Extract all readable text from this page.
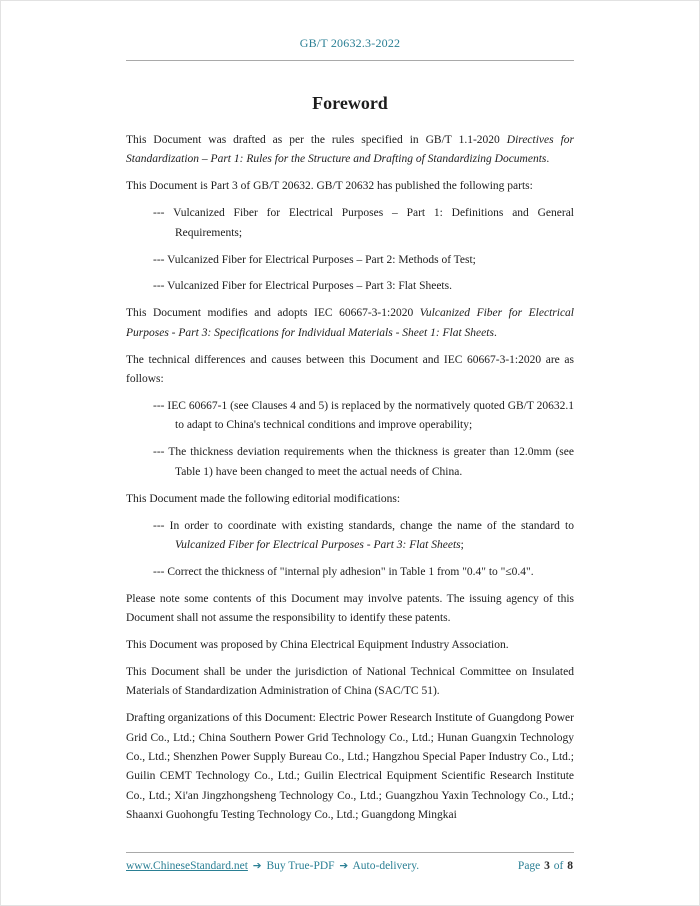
GB/T 20632.3-2022
Foreword

This Document was drafted as per the rules specified in GB/T 1.1-2020 Directives for Standardization – Part 1: Rules for the Structure and Drafting of Standardizing Documents.

This Document is Part 3 of GB/T 20632. GB/T 20632 has published the following parts:

--- Vulcanized Fiber for Electrical Purposes – Part 1: Definitions and General Requirements;

--- Vulcanized Fiber for Electrical Purposes – Part 2: Methods of Test;

--- Vulcanized Fiber for Electrical Purposes – Part 3: Flat Sheets.

This Document modifies and adopts IEC 60667-3-1:2020 Vulcanized Fiber for Electrical Purposes - Part 3: Specifications for Individual Materials - Sheet 1: Flat Sheets.

The technical differences and causes between this Document and IEC 60667-3-1:2020 are as follows:

--- IEC 60667-1 (see Clauses 4 and 5) is replaced by the normatively quoted GB/T 20632.1 to adapt to China's technical conditions and improve operability;

--- The thickness deviation requirements when the thickness is greater than 12.0mm (see Table 1) have been changed to meet the actual needs of China.

This Document made the following editorial modifications:

--- In order to coordinate with existing standards, change the name of the standard to Vulcanized Fiber for Electrical Purposes - Part 3: Flat Sheets;

--- Correct the thickness of "internal ply adhesion" in Table 1 from "0.4" to "≤0.4".

Please note some contents of this Document may involve patents. The issuing agency of this Document shall not assume the responsibility to identify these patents.

This Document was proposed by China Electrical Equipment Industry Association.

This Document shall be under the jurisdiction of National Technical Committee on Insulated Materials of Standardization Administration of China (SAC/TC 51).

Drafting organizations of this Document: Electric Power Research Institute of Guangdong Power Grid Co., Ltd.; China Southern Power Grid Technology Co., Ltd.; Hunan Guangxin Technology Co., Ltd.; Shenzhen Power Supply Bureau Co., Ltd.; Hangzhou Special Paper Industry Co., Ltd.; Guilin CEMT Technology Co., Ltd.; Guilin Electrical Equipment Scientific Research Institute Co., Ltd.; Xi'an Jingzhongsheng Technology Co., Ltd.; Guangzhou Yaxin Technology Co., Ltd.; Shaanxi Guohongfu Testing Technology Co., Ltd.; Guangdong Mingkai

www.ChineseStandard.net ➔ Buy True-PDF ➔ Auto-delivery.	Page 3 of 8
